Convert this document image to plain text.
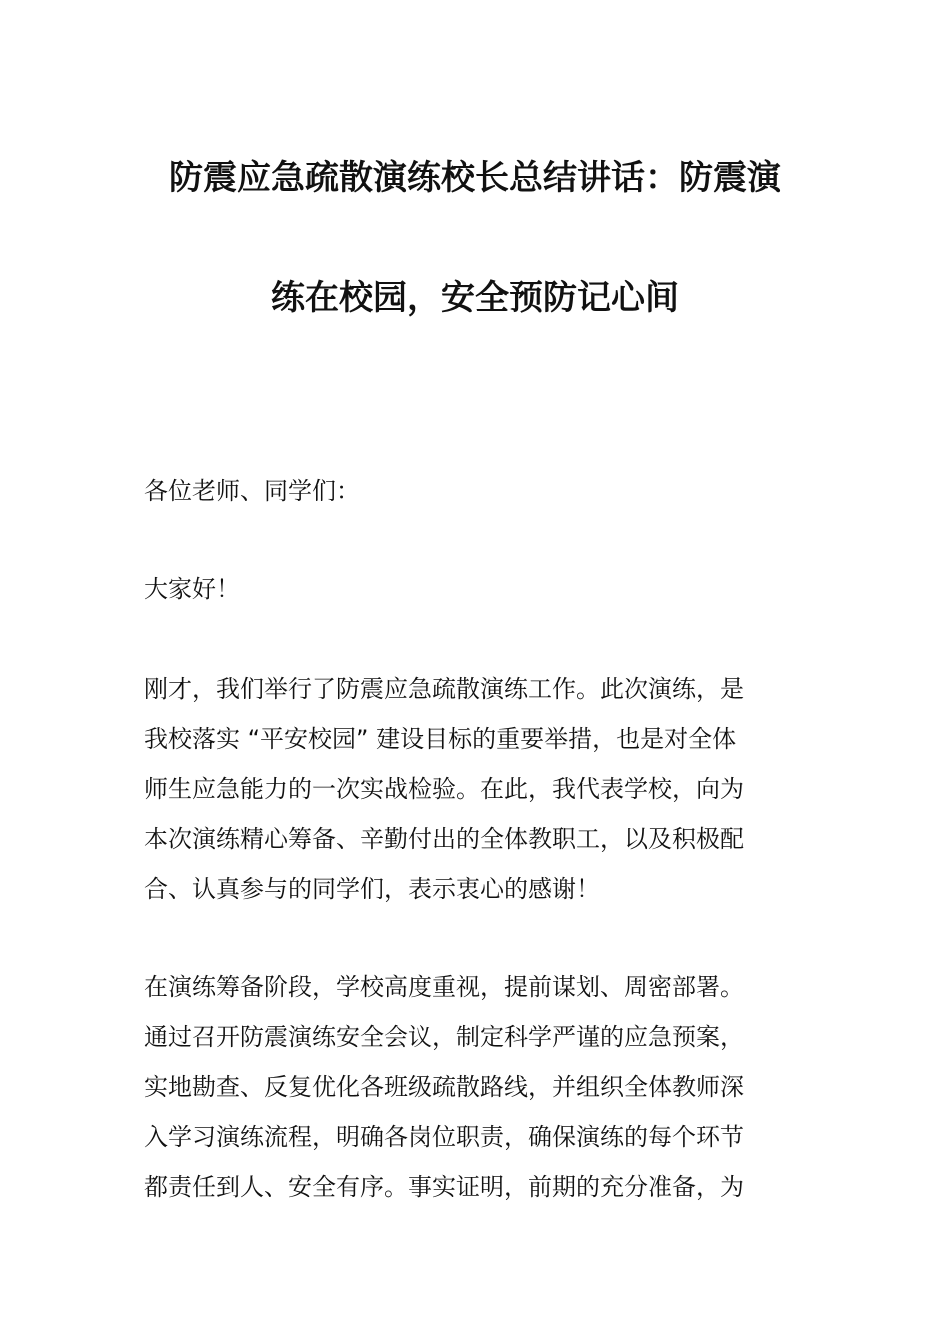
防震应急疏散演练校长总结讲话：防震演
练在校园，安全预防记心间
各位老师、同学们：
大家好！
刚才，我们举行了防震应急疏散演练工作。此次演练，是
我校落实 “平安校园” 建设目标的重要举措，也是对全体
师生应急能力的一次实战检验。在此，我代表学校，向为
本次演练精心筹备、辛勤付出的全体教职工，以及积极配
合、认真参与的同学们，表示衷心的感谢！
在演练筹备阶段，学校高度重视，提前谋划、周密部署。
通过召开防震演练安全会议，制定科学严谨的应急预案，
实地勘查、反复优化各班级疏散路线，并组织全体教师深
入学习演练流程，明确各岗位职责，确保演练的每个环节
都责任到人、安全有序。事实证明，前期的充分准备，为
